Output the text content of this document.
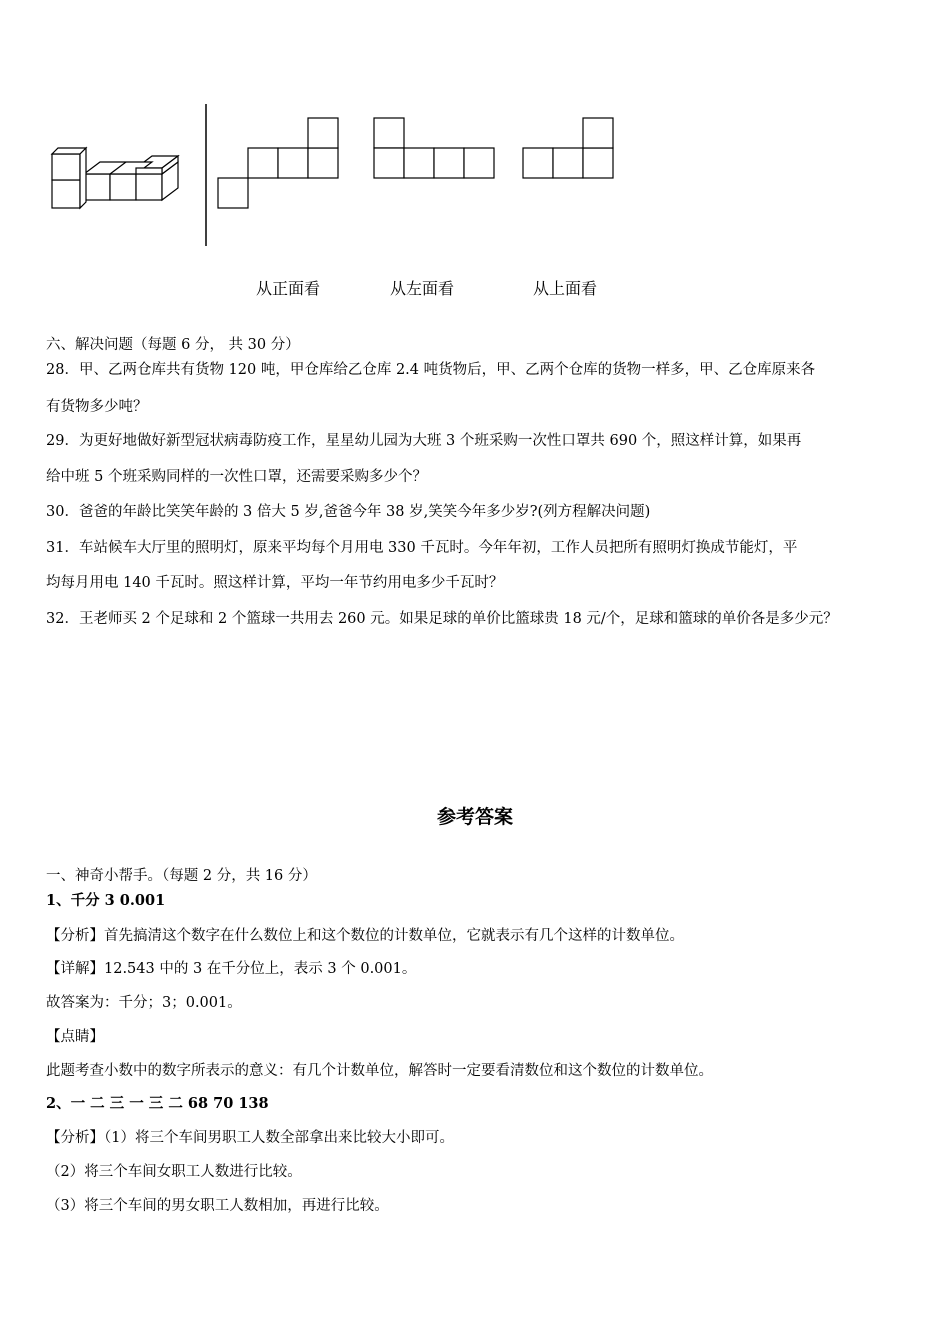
从正面看	从左面看	从上面看
六、解决问题（每题 6 分， 共 30 分）
28．甲、乙两仓库共有货物 120 吨，甲仓库给乙仓库 2.4 吨货物后，甲、乙两个仓库的货物一样多，甲、乙仓库原来各
有货物多少吨？
29．为更好地做好新型冠状病毒防疫工作，星星幼儿园为大班 3 个班采购一次性口罩共 690 个，照这样计算，如果再
给中班 5 个班采购同样的一次性口罩，还需要采购多少个？
30．爸爸的年龄比笑笑年龄的 3 倍大 5 岁,爸爸今年 38 岁,笑笑今年多少岁?(列方程解决问题)
31．车站候车大厅里的照明灯，原来平均每个月用电 330 千瓦时。今年年初，工作人员把所有照明灯换成节能灯，平
均每月用电 140 千瓦时。照这样计算，平均一年节约用电多少千瓦时？
32．王老师买 2 个足球和 2 个篮球一共用去 260 元。如果足球的单价比篮球贵 18 元/个，足球和篮球的单价各是多少元？
参考答案
一、神奇小帮手。（每题 2 分，共 16 分）
1、千分 3 0.001
【分析】首先搞清这个数字在什么数位上和这个数位的计数单位，它就表示有几个这样的计数单位。
【详解】12.543 中的 3 在千分位上，表示 3 个 0.001。
故答案为：千分；3；0.001。
【点睛】
此题考查小数中的数字所表示的意义：有几个计数单位，解答时一定要看清数位和这个数位的计数单位。
2、一 二 三 一 三 二 68 70 138
【分析】（1）将三个车间男职工人数全部拿出来比较大小即可。
（2）将三个车间女职工人数进行比较。
（3）将三个车间的男女职工人数相加，再进行比较。
